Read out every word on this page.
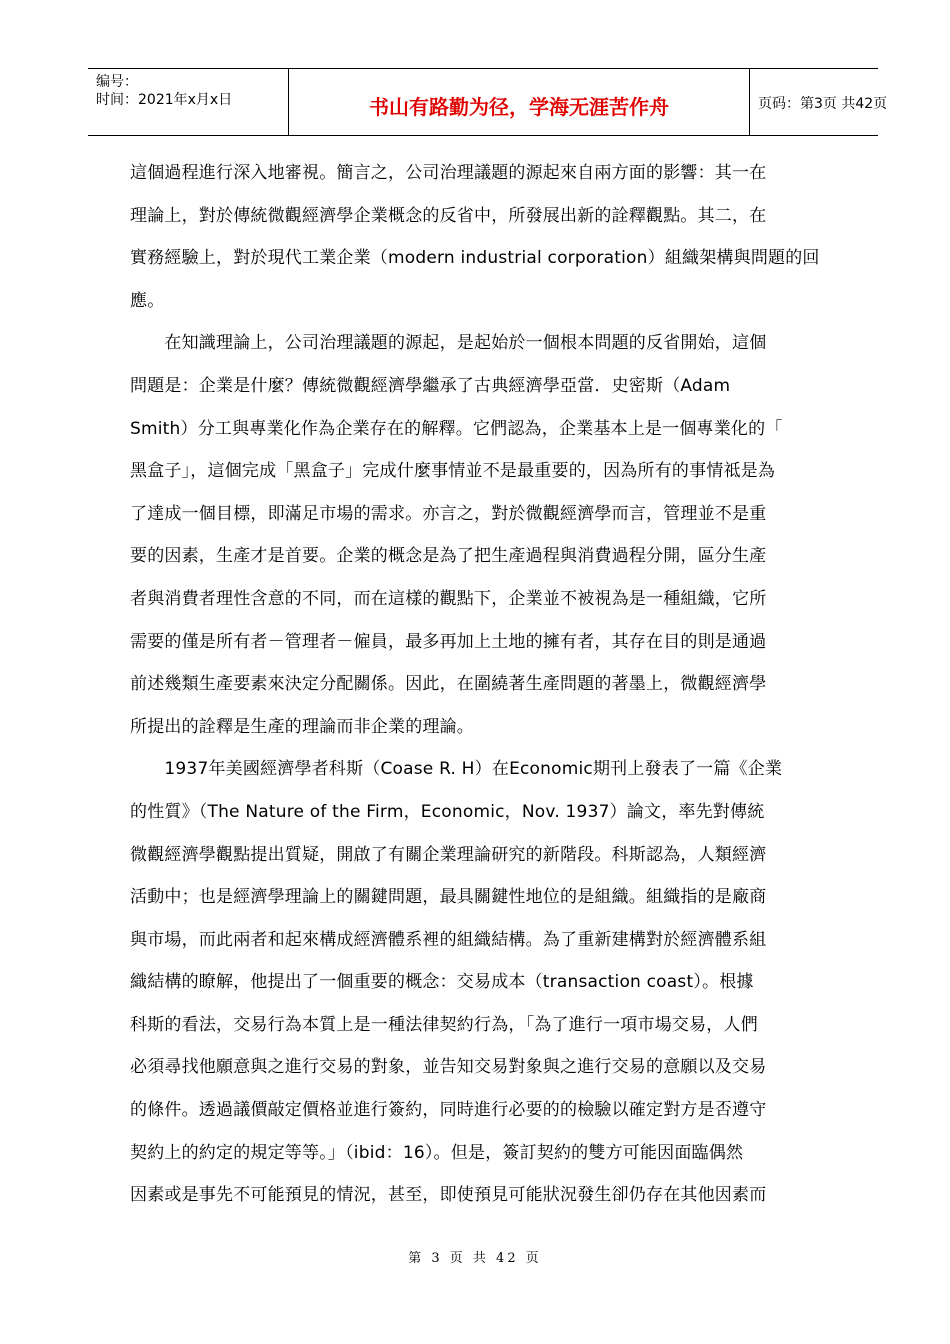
编号：
时间：2021年x月x日	书山有路勤为径，学海无涯苦作舟	页码：第3页 共42页
這個過程進行深入地審視。簡言之，公司治理議題的源起來自兩方面的影響：其一在
理論上，對於傳統微觀經濟學企業概念的反省中，所發展出新的詮釋觀點。其二，在
實務經驗上，對於現代工業企業（modern industrial corporation）組織架構與問題的回
應。
　　在知識理論上，公司治理議題的源起，是起始於一個根本問題的反省開始，這個
問題是：企業是什麼？傳統微觀經濟學繼承了古典經濟學亞當．史密斯（Adam
Smith）分工與專業化作為企業存在的解釋。它們認為，企業基本上是一個專業化的「
黑盒子」，這個完成「黑盒子」完成什麼事情並不是最重要的，因為所有的事情祗是為
了達成一個目標，即滿足市場的需求。亦言之，對於微觀經濟學而言，管理並不是重
要的因素，生產才是首要。企業的概念是為了把生產過程與消費過程分開，區分生產
者與消費者理性含意的不同，而在這樣的觀點下，企業並不被視為是一種組織，它所
需要的僅是所有者－管理者－僱員，最多再加上土地的擁有者，其存在目的則是通過
前述幾類生產要素來決定分配關係。因此，在圍繞著生產問題的著墨上，微觀經濟學
所提出的詮釋是生產的理論而非企業的理論。
　　1937年美國經濟學者科斯（Coase R. H）在Economic期刊上發表了一篇《企業
的性質》（The Nature of the Firm，Economic，Nov. 1937）論文，率先對傳統
微觀經濟學觀點提出質疑，開啟了有關企業理論研究的新階段。科斯認為，人類經濟
活動中；也是經濟學理論上的關鍵問題，最具關鍵性地位的是組織。組織指的是廠商
與市場，而此兩者和起來構成經濟體系裡的組織結構。為了重新建構對於經濟體系組
織結構的瞭解，他提出了一個重要的概念：交易成本（transaction coast）。根據
科斯的看法，交易行為本質上是一種法律契約行為，「為了進行一項市場交易，人們
必須尋找他願意與之進行交易的對象，並告知交易對象與之進行交易的意願以及交易
的條件。透過議價敲定價格並進行簽約，同時進行必要的的檢驗以確定對方是否遵守
契約上的約定的規定等等。」（ibid：16）。但是，簽訂契約的雙方可能因面臨偶然
因素或是事先不可能預見的情況，甚至，即使預見可能狀況發生卻仍存在其他因素而
第 3 页 共 42 页
